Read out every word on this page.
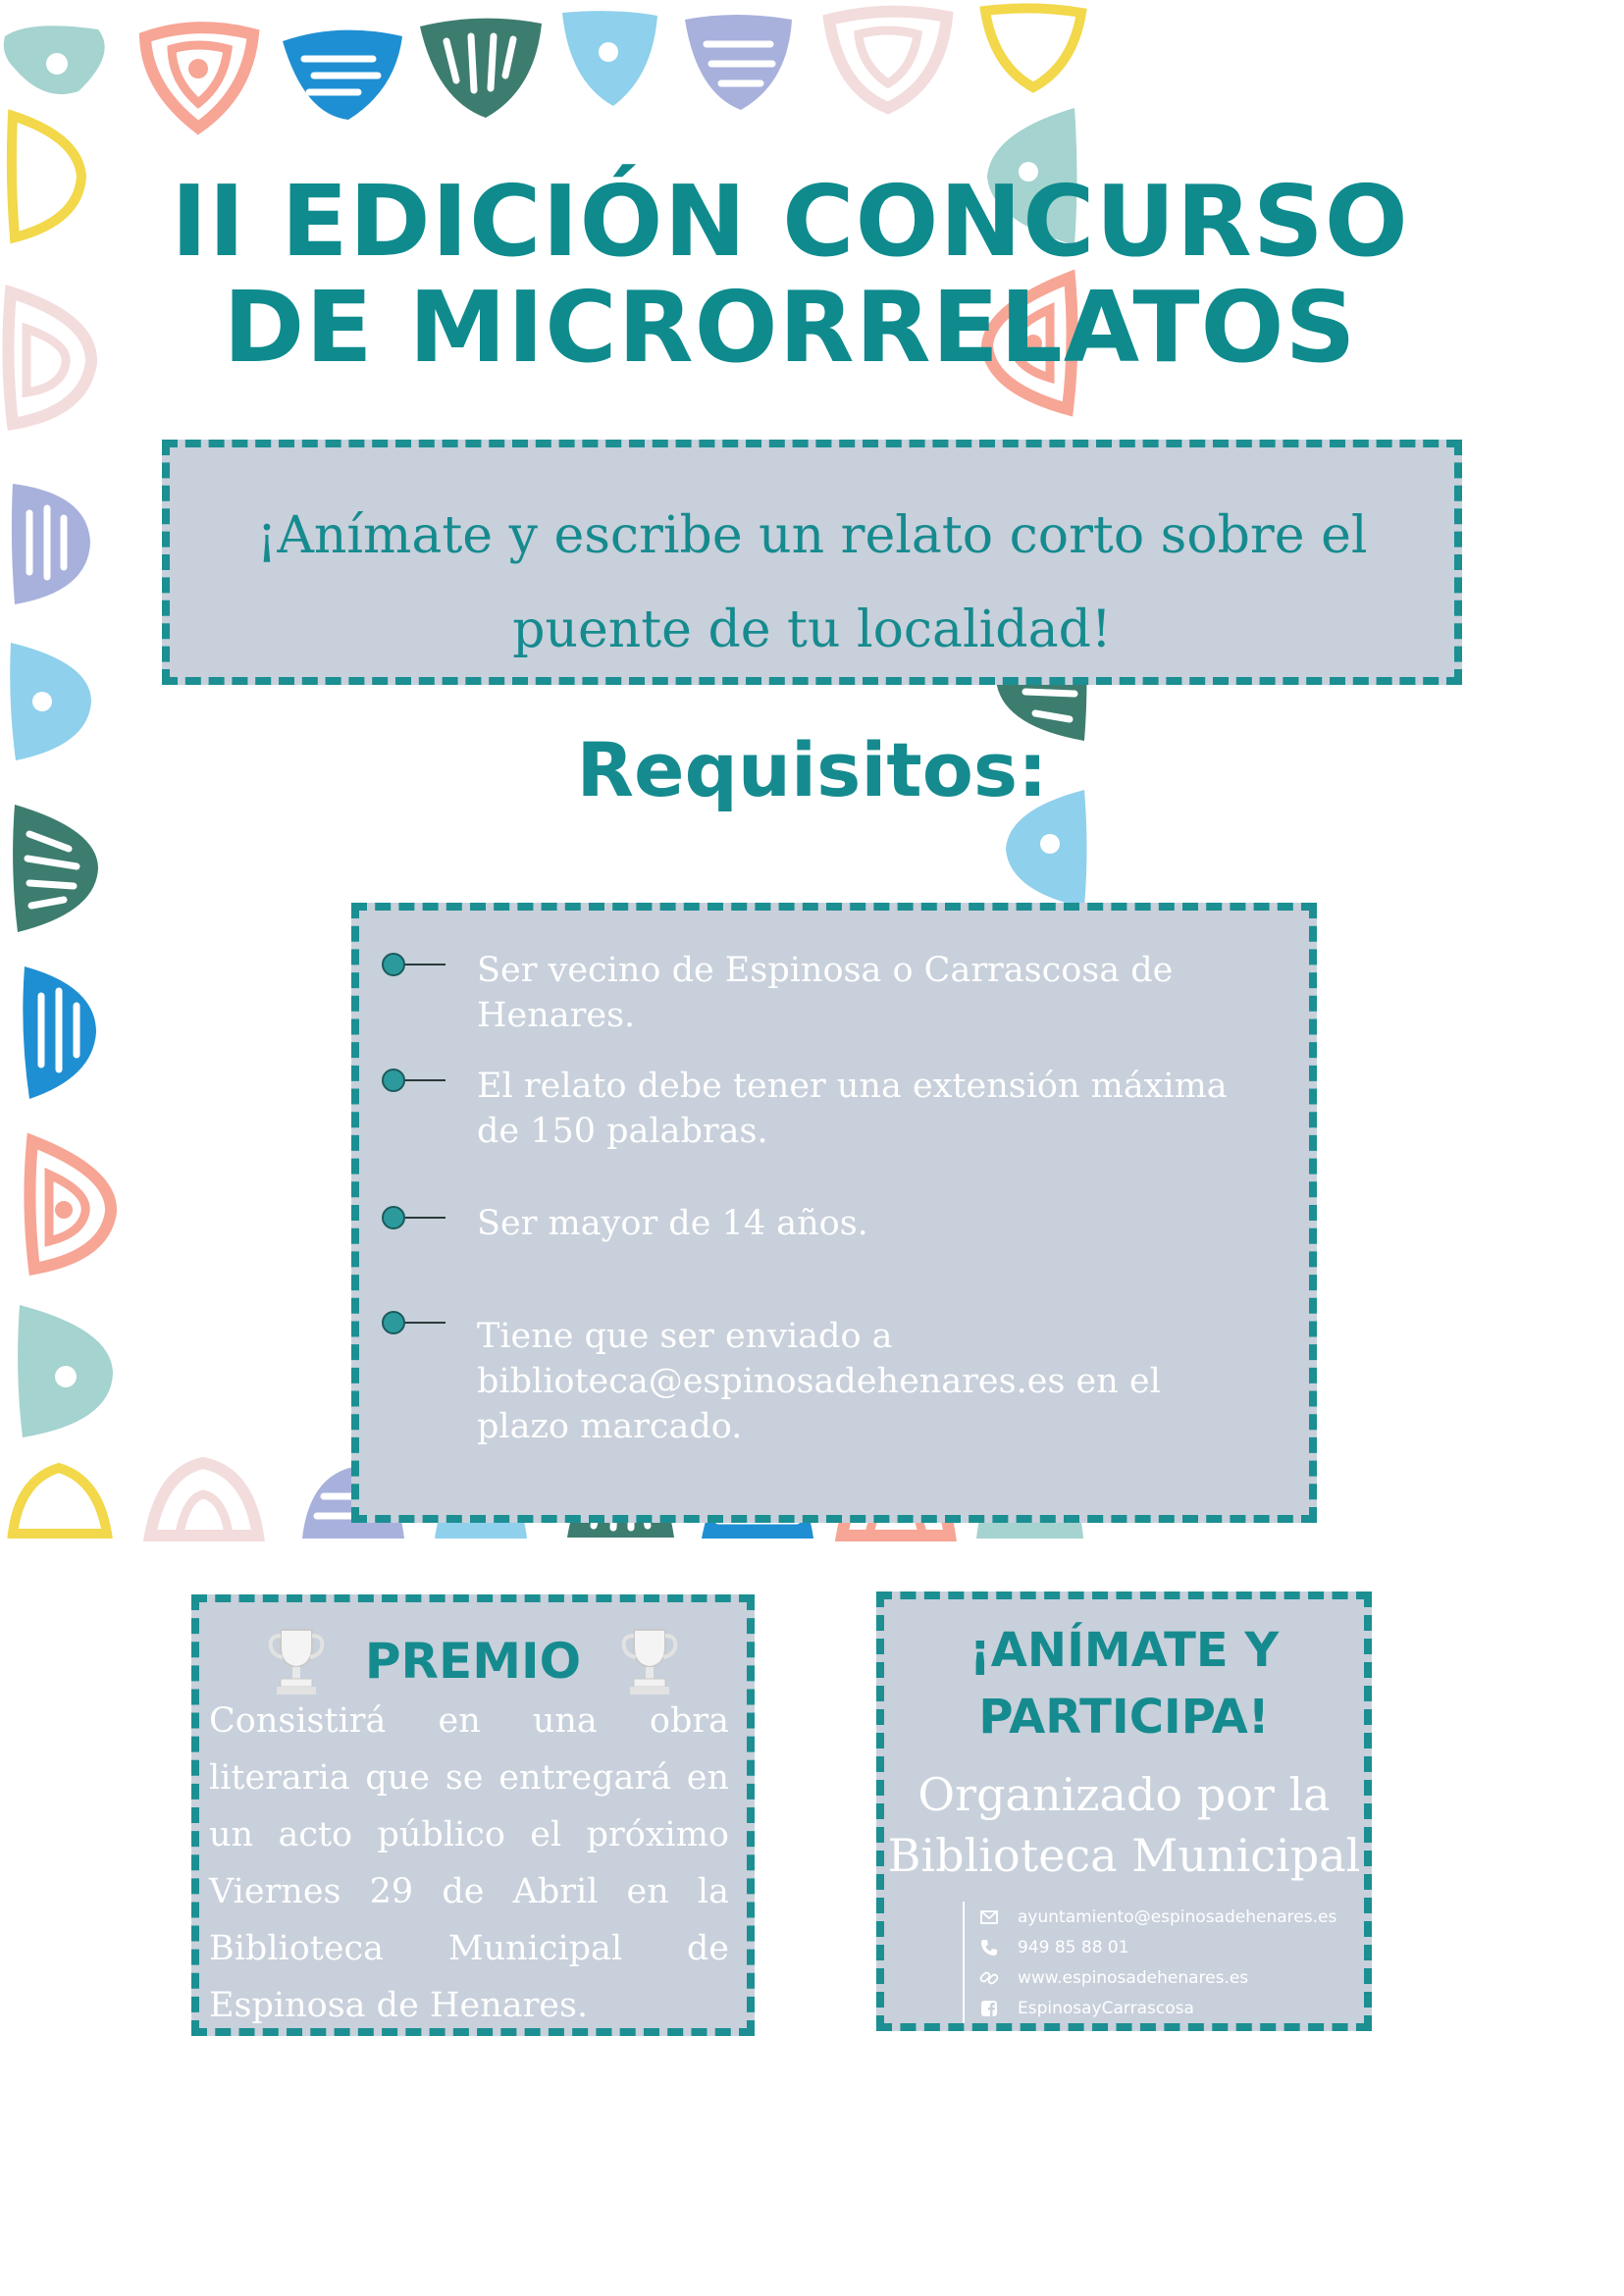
II EDICIÓN CONCURSO
DE MICRORRELATOS

¡Anímate y escribe un relato corto sobre el puente de tu localidad!

Requisitos:
Ser vecino de Espinosa o Carrascosa de Henares.
El relato debe tener una extensión máxima de 150 palabras.
Ser mayor de 14 años.
Tiene que ser enviado a biblioteca@espinosadehenares.es en el plazo marcado.
PREMIO

Consistirá en una obra literaria que se entregará en un acto público el próximo Viernes 29 de Abril en la Biblioteca Municipal de Espinosa de Henares.

¡ANÍMATE Y PARTICIPA!

Organizado por la Biblioteca Municipal

ayuntamiento@espinosadehenares.es
949 85 88 01
www.espinosadehenares.es
EspinosayCarrascosa
